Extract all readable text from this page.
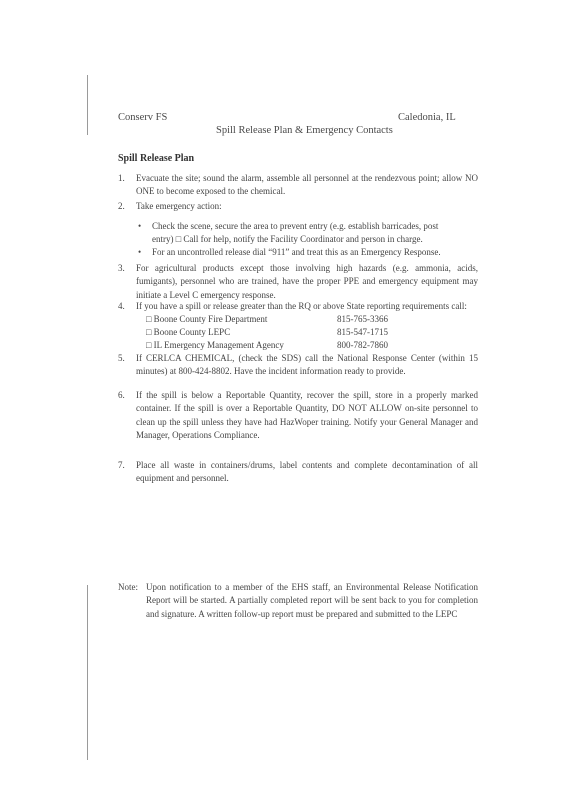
Conserv FS	Caledonia, IL
Spill Release Plan & Emergency Contacts
Spill Release Plan
1. Evacuate the site; sound the alarm, assemble all personnel at the rendezvous point; allow NO ONE to become exposed to the chemical.
2. Take emergency action:
• Check the scene, secure the area to prevent entry (e.g. establish barricades, post entry) □ Call for help, notify the Facility Coordinator and person in charge.
• For an uncontrolled release dial “911” and treat this as an Emergency Response.
3. For agricultural products except those involving high hazards (e.g. ammonia, acids, fumigants), personnel who are trained, have the proper PPE and emergency equipment may initiate a Level C emergency response.
4. If you have a spill or release greater than the RQ or above State reporting requirements call:
□ Boone County Fire Department	815-765-3366
□ Boone County LEPC	815-547-1715
□ IL Emergency Management Agency	800-782-7860
5. If CERLCA CHEMICAL, (check the SDS) call the National Response Center (within 15 minutes) at 800-424-8802. Have the incident information ready to provide.
6. If the spill is below a Reportable Quantity, recover the spill, store in a properly marked container. If the spill is over a Reportable Quantity, DO NOT ALLOW on-site personnel to clean up the spill unless they have had HazWoper training. Notify your General Manager and Manager, Operations Compliance.
7. Place all waste in containers/drums, label contents and complete decontamination of all equipment and personnel.
Note: Upon notification to a member of the EHS staff, an Environmental Release Notification Report will be started. A partially completed report will be sent back to you for completion and signature. A written follow-up report must be prepared and submitted to the LEPC
